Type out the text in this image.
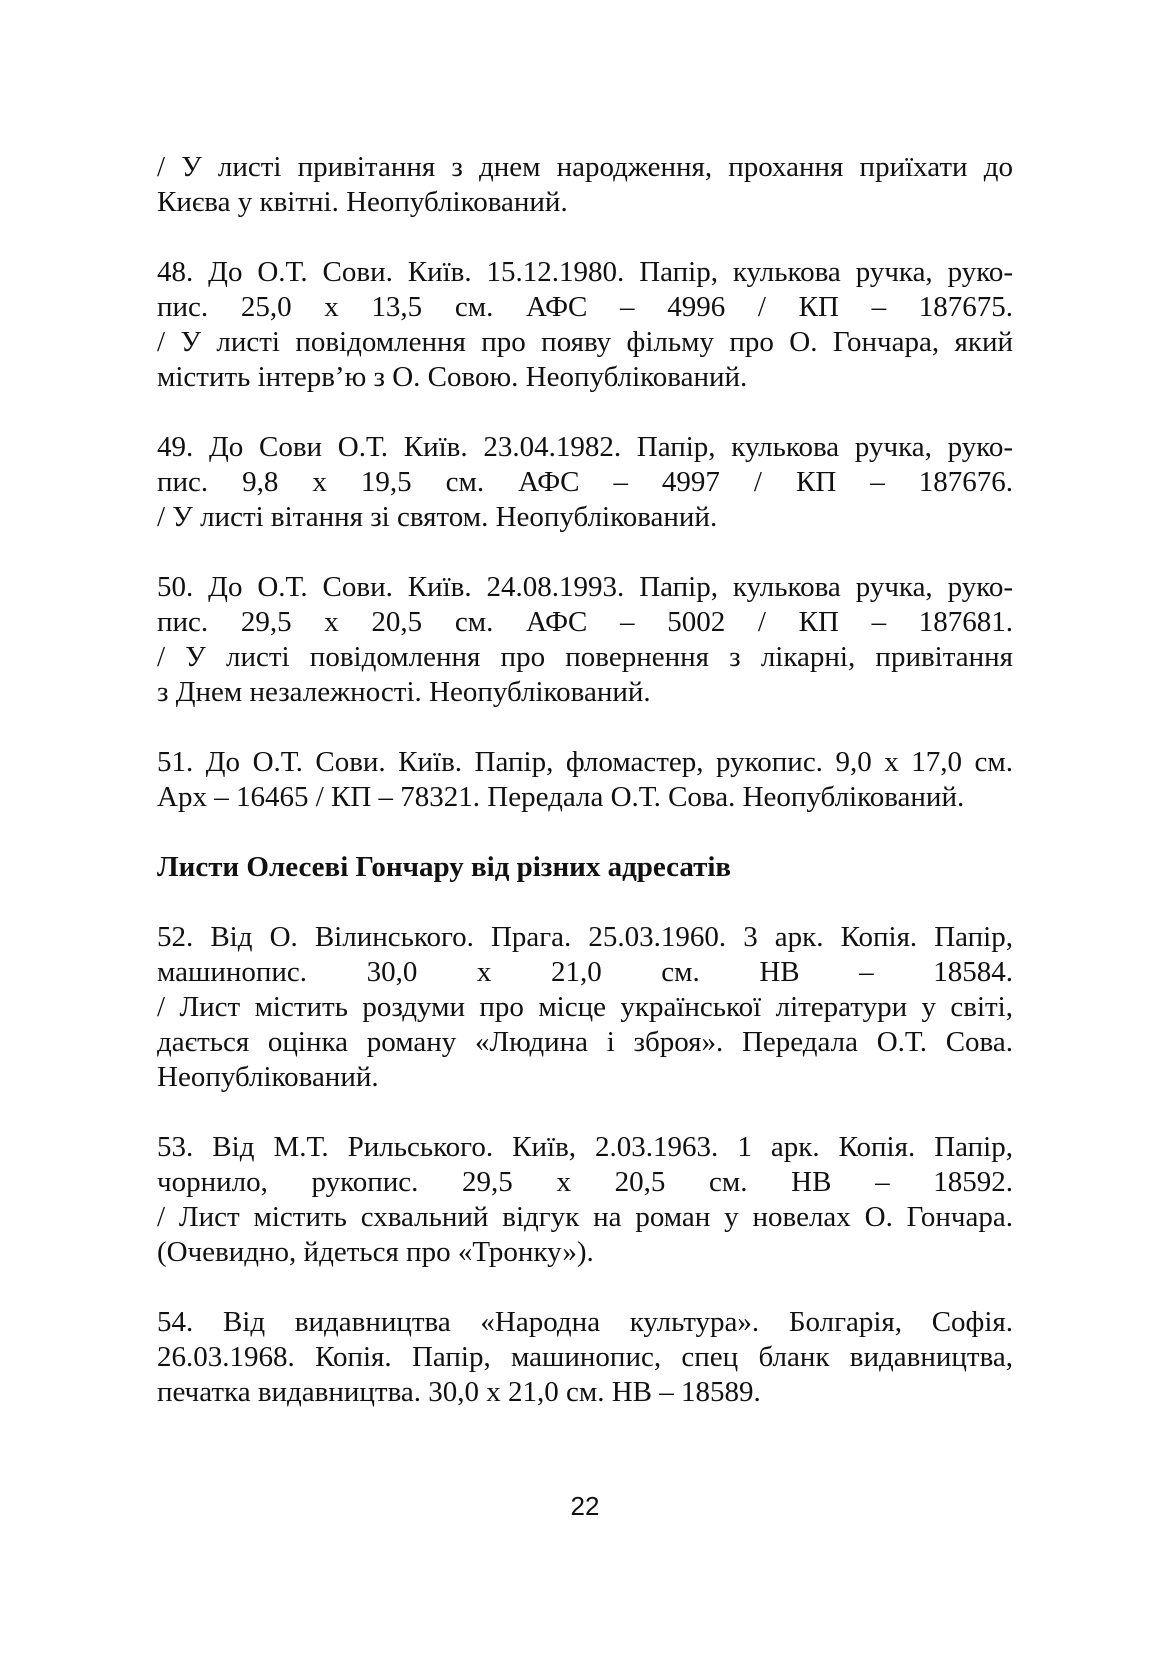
/ У листі привітання з днем народження, прохання приїхати до
Києва у квітні. Неопублікований.
48. До О.Т. Сови. Київ. 15.12.1980. Папір, кулькова ручка, руко-
пис. 25,0 х 13,5 см. АФС – 4996 / КП – 187675.
/ У листі повідомлення про появу фільму про О. Гончара, який
містить інтерв’ю з О. Совою. Неопублікований.
49. До Сови О.Т. Київ. 23.04.1982. Папір, кулькова ручка, руко-
пис. 9,8 х 19,5 см. АФС – 4997 / КП – 187676.
/ У листі вітання зі святом. Неопублікований.
50. До О.Т. Сови. Київ. 24.08.1993. Папір, кулькова ручка, руко-
пис. 29,5 х 20,5 см. АФС – 5002 / КП – 187681.
/ У листі повідомлення про повернення з лікарні, привітання
з Днем незалежності. Неопублікований.
51. До О.Т. Сови. Київ. Папір, фломастер, рукопис. 9,0 х 17,0 см.
Арх – 16465 / КП – 78321. Передала О.Т. Сова. Неопублікований.
Листи Олесеві Гончару від різних адресатів
52. Від О. Вілинського. Прага. 25.03.1960. 3 арк. Копія. Папір,
машинопис. 30,0 х 21,0 см. НВ – 18584.
/ Лист містить роздуми про місце української літератури у світі,
дається оцінка роману «Людина і зброя». Передала О.Т. Сова.
Неопублікований.
53. Від М.Т. Рильського. Київ, 2.03.1963. 1 арк. Копія. Папір,
чорнило, рукопис. 29,5 х 20,5 см. НВ – 18592.
/ Лист містить схвальний відгук на роман у новелах О. Гончара.
(Очевидно, йдеться про «Тронку»).
54. Від видавництва «Народна культура». Болгарія, Софія.
26.03.1968. Копія. Папір, машинопис, спец бланк видавництва,
печатка видавництва. 30,0 х 21,0 см. НВ – 18589.
22
